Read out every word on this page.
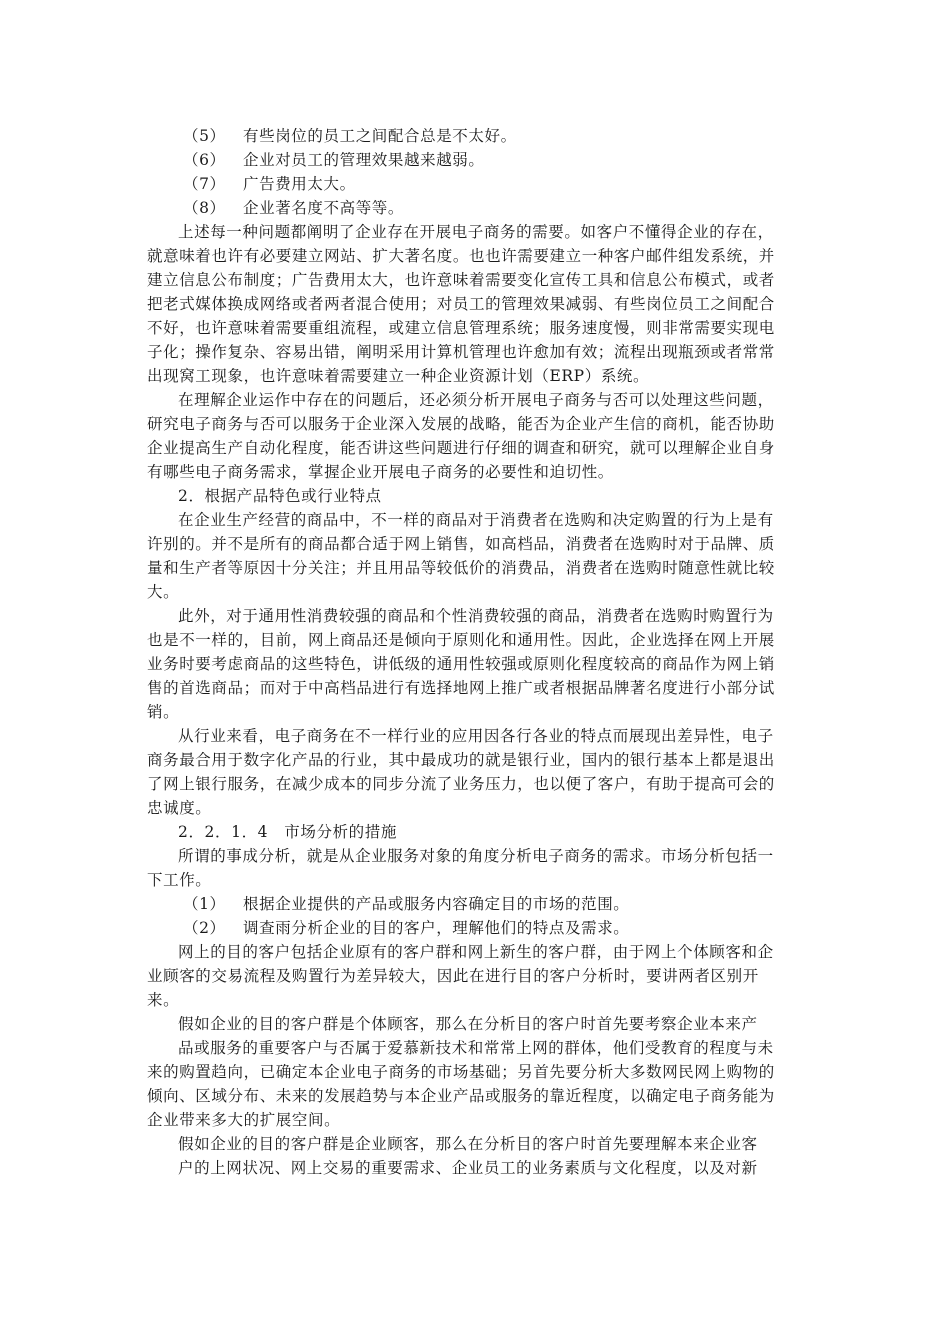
（5） 有些岗位的员工之间配合总是不太好。
（6） 企业对员工的管理效果越来越弱。
（7） 广告费用太大。
（8） 企业著名度不高等等。
上述每一种问题都阐明了企业存在开展电子商务的需要。如客户不懂得企业的存在，
就意味着也许有必要建立网站、扩大著名度。也也许需要建立一种客户邮件组发系统，并
建立信息公布制度；广告费用太大，也许意味着需要变化宣传工具和信息公布模式，或者
把老式媒体换成网络或者两者混合使用；对员工的管理效果减弱、有些岗位员工之间配合
不好，也许意味着需要重组流程，或建立信息管理系统；服务速度慢，则非常需要实现电
子化；操作复杂、容易出错，阐明采用计算机管理也许愈加有效；流程出现瓶颈或者常常
出现窝工现象，也许意味着需要建立一种企业资源计划（ERP）系统。
在理解企业运作中存在的问题后，还必须分析开展电子商务与否可以处理这些问题，
研究电子商务与否可以服务于企业深入发展的战略，能否为企业产生信的商机，能否协助
企业提高生产自动化程度，能否讲这些问题进行仔细的调查和研究，就可以理解企业自身
有哪些电子商务需求，掌握企业开展电子商务的必要性和迫切性。
2．根据产品特色或行业特点
在企业生产经营的商品中，不一样的商品对于消费者在选购和决定购置的行为上是有
许别的。并不是所有的商品都合适于网上销售，如高档品，消费者在选购时对于品牌、质
量和生产者等原因十分关注；并且用品等较低价的消费品，消费者在选购时随意性就比较
大。
此外，对于通用性消费较强的商品和个性消费较强的商品，消费者在选购时购置行为
也是不一样的，目前，网上商品还是倾向于原则化和通用性。因此，企业选择在网上开展
业务时要考虑商品的这些特色，讲低级的通用性较强或原则化程度较高的商品作为网上销
售的首选商品；而对于中高档品进行有选择地网上推广或者根据品牌著名度进行小部分试
销。
从行业来看，电子商务在不一样行业的应用因各行各业的特点而展现出差异性，电子
商务最合用于数字化产品的行业，其中最成功的就是银行业，国内的银行基本上都是退出
了网上银行服务，在减少成本的同步分流了业务压力，也以便了客户，有助于提高可会的
忠诚度。
2．2．1．4　市场分析的措施
所谓的事成分析，就是从企业服务对象的角度分析电子商务的需求。市场分析包括一
下工作。
（1） 根据企业提供的产品或服务内容确定目的市场的范围。
（2） 调查雨分析企业的目的客户，理解他们的特点及需求。
网上的目的客户包括企业原有的客户群和网上新生的客户群，由于网上个体顾客和企
业顾客的交易流程及购置行为差异较大，因此在进行目的客户分析时，要讲两者区别开
来。
假如企业的目的客户群是个体顾客，那么在分析目的客户时首先要考察企业本来产
品或服务的重要客户与否属于爱慕新技术和常常上网的群体，他们受教育的程度与未
来的购置趋向，已确定本企业电子商务的市场基础；另首先要分析大多数网民网上购物的
倾向、区域分布、未来的发展趋势与本企业产品或服务的靠近程度，以确定电子商务能为
企业带来多大的扩展空间。
假如企业的目的客户群是企业顾客，那么在分析目的客户时首先要理解本来企业客
户的上网状况、网上交易的重要需求、企业员工的业务素质与文化程度，以及对新
